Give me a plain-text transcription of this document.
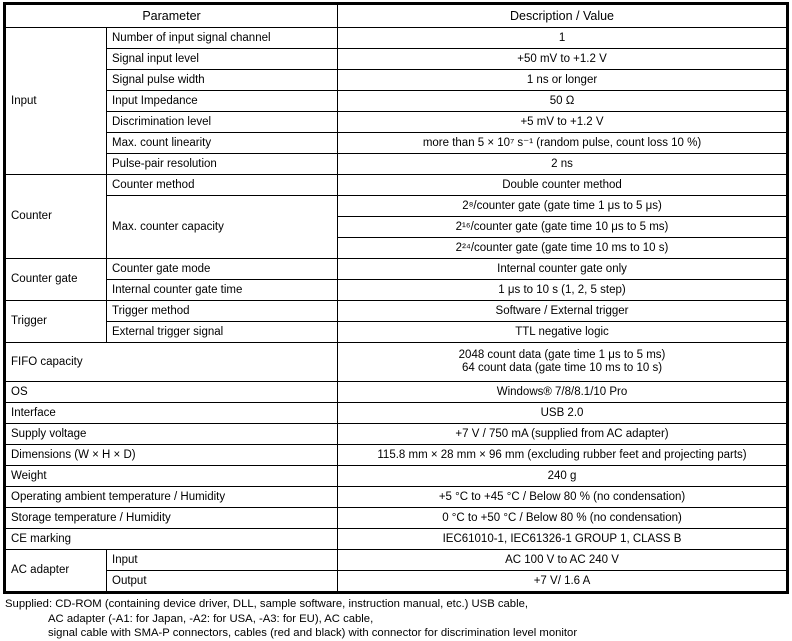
Parameter		Description / Value
Input	Number of input signal channel	1
	Signal input level	+50 mV to +1.2 V
	Signal pulse width	1 ns or longer
	Input Impedance	50 Ω
	Discrimination level	+5 mV to +1.2 V
	Max. count linearity	more than 5 × 10⁷ s⁻¹ (random pulse, count loss 10 %)
	Pulse-pair resolution	2 ns
Counter	Counter method	Double counter method
	Max. counter capacity	2⁸/counter gate (gate time 1 μs to 5 μs)
		2¹⁶/counter gate (gate time 10 μs to 5 ms)
		2²⁴/counter gate (gate time 10 ms to 10 s)
Counter gate	Counter gate mode	Internal counter gate only
	Internal counter gate time	1 μs to 10 s (1, 2, 5 step)
Trigger	Trigger method	Software / External trigger
	External trigger signal	TTL negative logic
FIFO capacity		2048 count data (gate time 1 μs to 5 ms)
64 count data (gate time 10 ms to 10 s)

OS		Windows® 7/8/8.1/10 Pro
Interface		USB 2.0
Supply voltage		+7 V / 750 mA (supplied from AC adapter)
Dimensions (W × H × D)		115.8 mm × 28 mm × 96 mm (excluding rubber feet and projecting parts)
Weight		240 g
Operating ambient temperature / Humidity		+5 °C to +45 °C / Below 80 % (no condensation)
Storage temperature / Humidity		0 °C to +50 °C / Below 80 % (no condensation)
CE marking		IEC61010-1, IEC61326-1 GROUP 1, CLASS B
AC adapter	Input	AC 100 V to AC 240 V
	Output	+7 V/ 1.6 A
Supplied: CD-ROM (containing device driver, DLL, sample software, instruction manual, etc.) USB cable,
AC adapter (-A1: for Japan, -A2: for USA, -A3: for EU), AC cable,
signal cable with SMA-P connectors, cables (red and black) with connector for discrimination level monitor
